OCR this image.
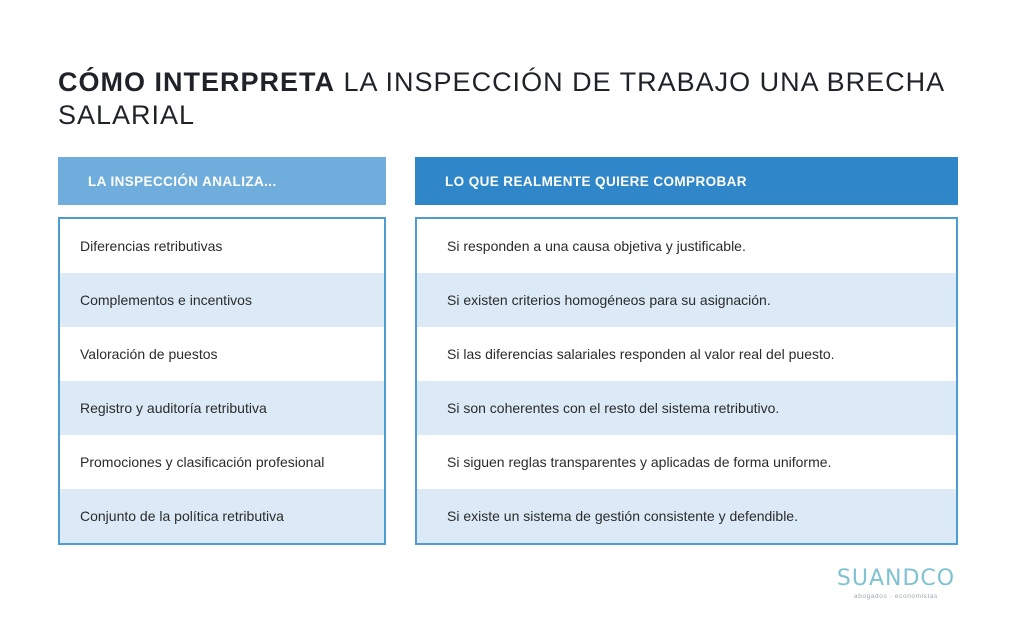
CÓMO INTERPRETA LA INSPECCIÓN DE TRABAJO UNA BRECHA SALARIAL
LA INSPECCIÓN ANALIZA...	LO QUE REALMENTE QUIERE COMPROBAR
Diferencias retributivas
Complementos e incentivos
Valoración de puestos
Registro y auditoría retributiva
Promociones y clasificación profesional
Conjunto de la política retributiva
Si responden a una causa objetiva y justificable.
Si existen criterios homogéneos para su asignación.
Si las diferencias salariales responden al valor real del puesto.
Si son coherentes con el resto del sistema retributivo.
Si siguen reglas transparentes y aplicadas de forma uniforme.
Si existe un sistema de gestión consistente y defendible.
SUANDCO
abogados · economistas
